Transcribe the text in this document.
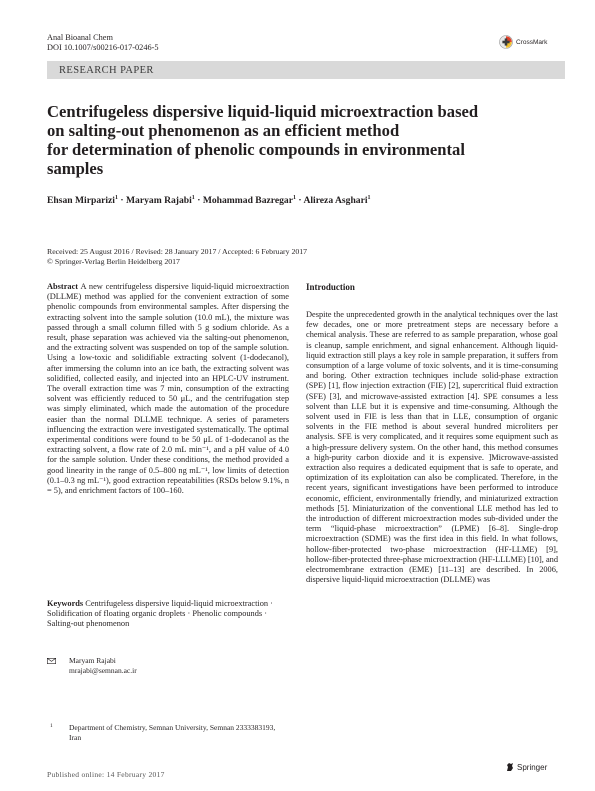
Anal Bioanal Chem
DOI 10.1007/s00216-017-0246-5
CrossMark
RESEARCH PAPER
Centrifugeless dispersive liquid-liquid microextraction based
on salting-out phenomenon as an efficient method
for determination of phenolic compounds in environmental
samples
Ehsan Mirparizi$^1$ · Maryam Rajabi$^1$ · Mohammad Bazregar$^1$ · Alireza Asghari$^1$
Received: 25 August 2016 / Revised: 28 January 2017 / Accepted: 6 February 2017
© Springer-Verlag Berlin Heidelberg 2017
Abstract A new centrifugeless dispersive liquid-liquid microextraction (DLLME) method was applied for the convenient extraction of some phenolic compounds from environmental samples. After dispersing the extracting solvent into the sample solution (10.0 mL), the mixture was passed through a small column filled with 5 g sodium chloride. As a result, phase separation was achieved via the salting-out phenomenon, and the extracting solvent was suspended on top of the sample solution. Using a low-toxic and solidifiable extracting solvent (1-dodecanol), after immersing the column into an ice bath, the extracting solvent was solidified, collected easily, and injected into an HPLC-UV instrument. The overall extraction time was 7 min, consumption of the extracting solvent was efficiently reduced to 50 μL, and the centrifugation step was simply eliminated, which made the automation of the procedure easier than the normal DLLME technique. A series of parameters influencing the extraction were investigated systematically. The optimal experimental conditions were found to be 50 μL of 1-dodecanol as the extracting solvent, a flow rate of 2.0 mL min⁻¹, and a pH value of 4.0 for the sample solution. Under these conditions, the method provided a good linearity in the range of 0.5–800 ng mL⁻¹, low limits of detection (0.1–0.3 ng mL⁻¹), good extraction repeatabilities (RSDs below 9.1%, n = 5), and enrichment factors of 100–160.
Keywords Centrifugeless dispersive liquid-liquid microextraction · Solidification of floating organic droplets · Phenolic compounds · Salting-out phenomenon
Maryam Rajabi
mrajabi@semnan.ac.ir
1 Department of Chemistry, Semnan University, Semnan 2333383193, Iran
Published online: 14 February 2017
Introduction
Despite the unprecedented growth in the analytical techniques over the last few decades, one or more pretreatment steps are necessary before a chemical analysis. These are referred to as sample preparation, whose goal is cleanup, sample enrichment, and signal enhancement. Although liquid-liquid extraction still plays a key role in sample preparation, it suffers from consumption of a large volume of toxic solvents, and it is time-consuming and boring. Other extraction techniques include solid-phase extraction (SPE) [1], flow injection extraction (FIE) [2], supercritical fluid extraction (SFE) [3], and microwave-assisted extraction [4]. SPE consumes a less solvent than LLE but it is expensive and time-consuming. Although the solvent used in FIE is less than that in LLE, consumption of organic solvents in the FIE method is about several hundred microliters per analysis. SFE is very complicated, and it requires some equipment such as a high-pressure delivery system. On the other hand, this method consumes a high-purity carbon dioxide and it is expensive. ]Microwave-assisted extraction also requires a dedicated equipment that is safe to operate, and optimization of its exploitation can also be complicated. Therefore, in the recent years, significant investigations have been performed to introduce economic, efficient, environmentally friendly, and miniaturized extraction methods [5]. Miniaturization of the conventional LLE method has led to the introduction of different microextraction modes sub-divided under the term “liquid-phase microextraction” (LPME) [6–8]. Single-drop microextraction (SDME) was the first idea in this field. In what follows, hollow-fiber-protected two-phase microextraction (HF-LLME) [9], hollow-fiber-protected three-phase microextraction (HF-LLLME) [10], and electromembrane extraction (EME) [11–13] are described. In 2006, dispersive liquid-liquid microextraction (DLLME) was
Springer
